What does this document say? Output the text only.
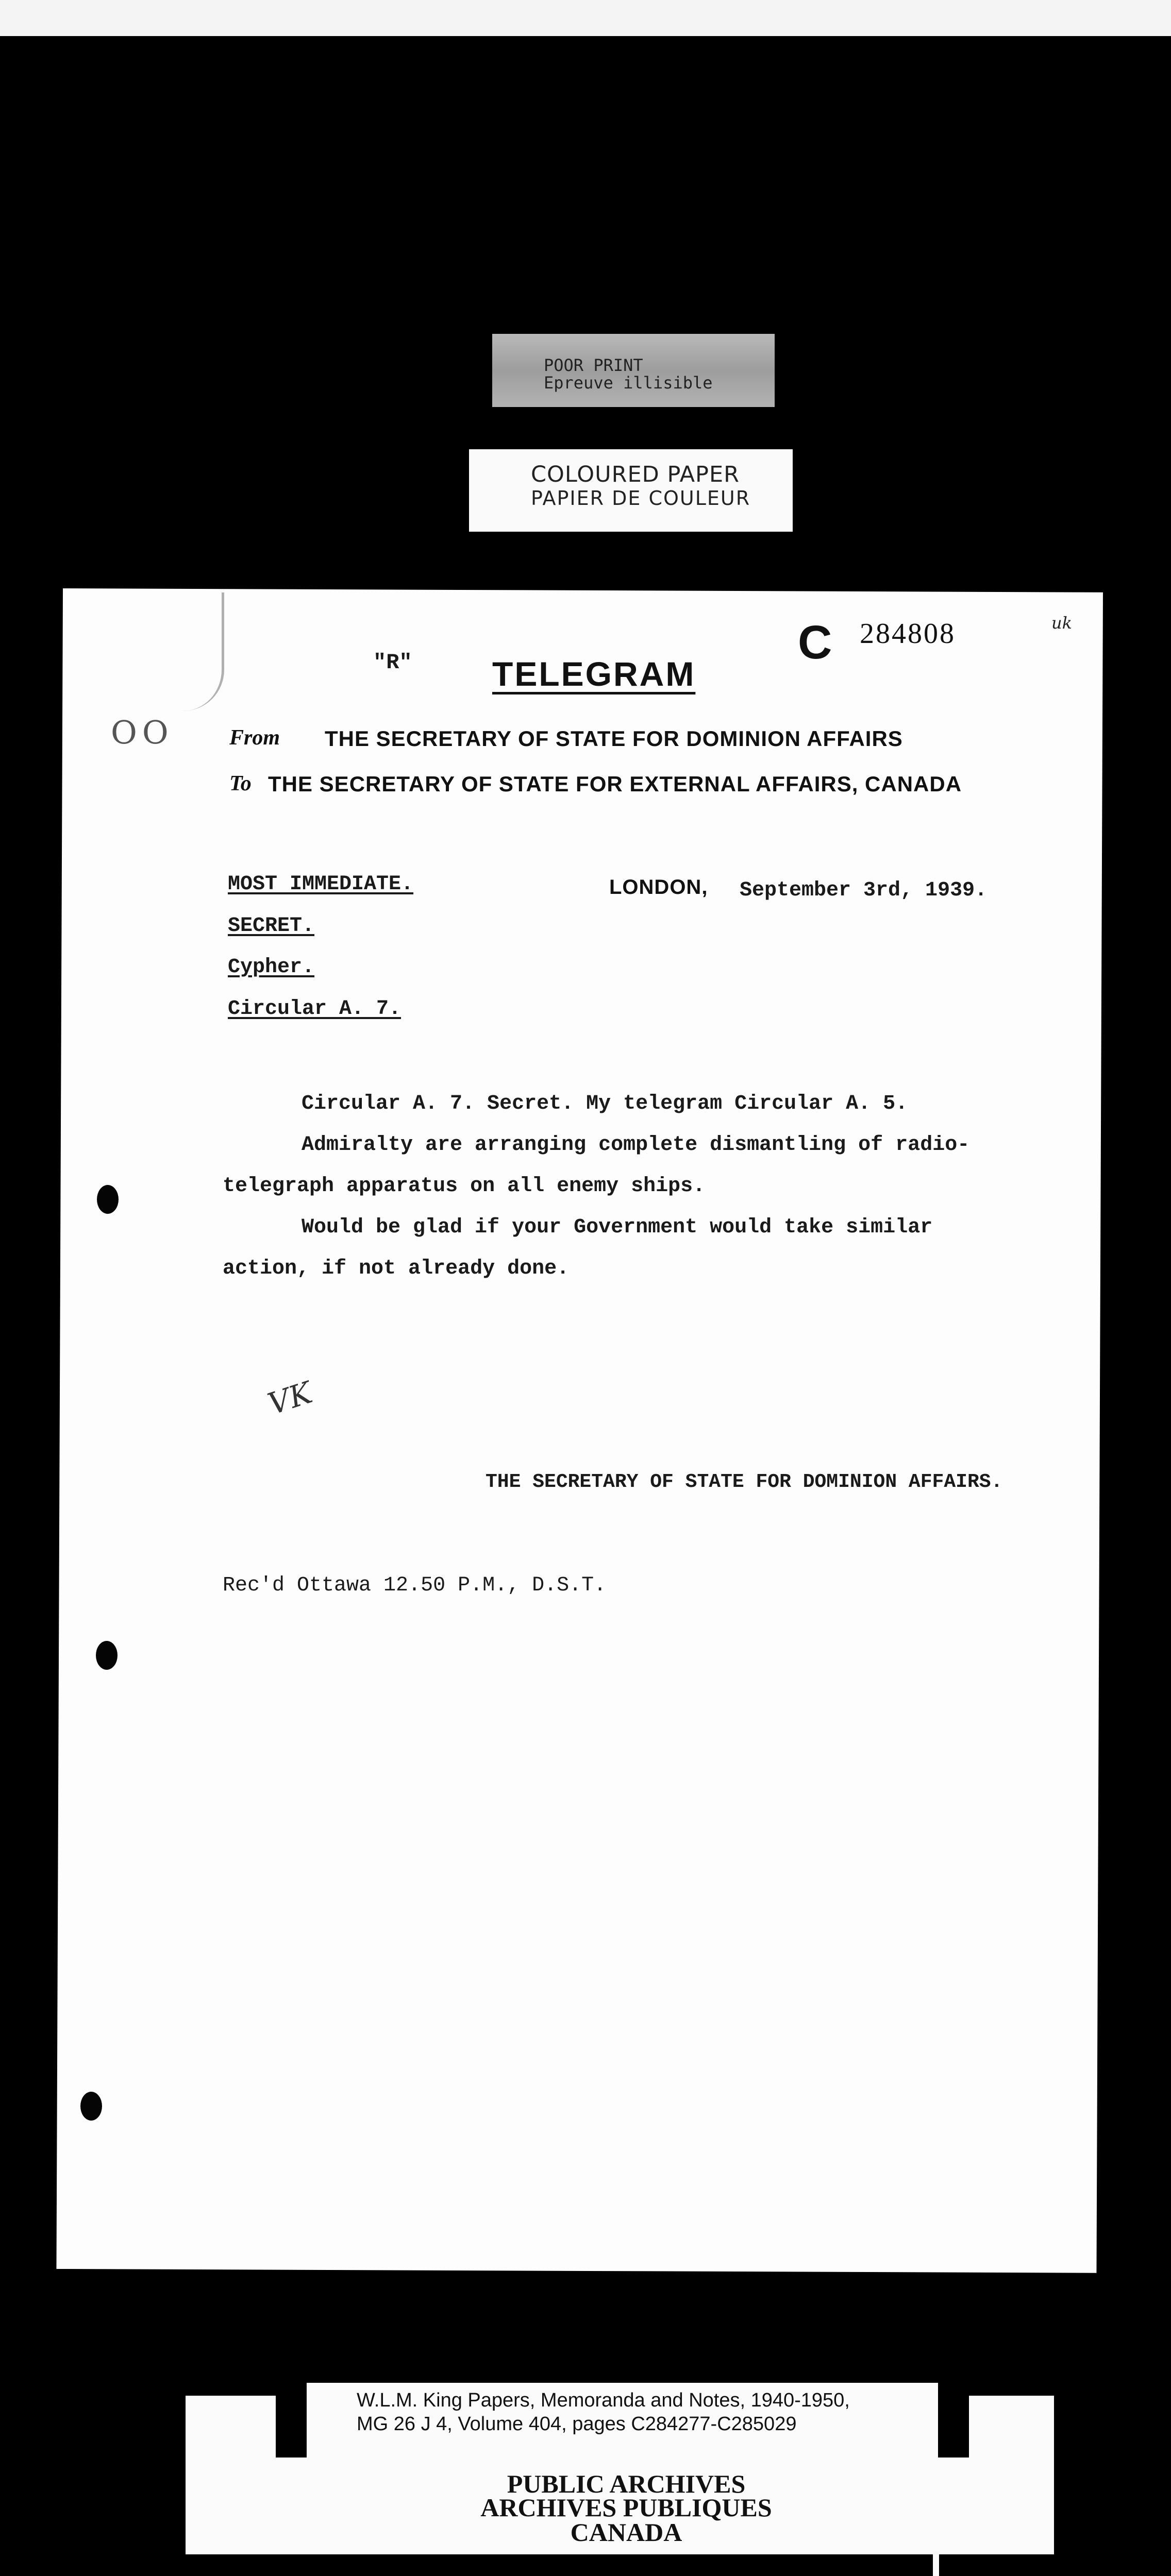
POOR PRINT
Epreuve illisible
COLOURED PAPER
PAPIER DE COULEUR
"R" TELEGRAM
C 284808	uk
OO	From THE SECRETARY OF STATE FOR DOMINION AFFAIRS
To THE SECRETARY OF STATE FOR EXTERNAL AFFAIRS, CANADA
MOST IMMEDIATE.
SECRET.
Cypher.
Circular A. 7.
LONDON, September 3rd, 1939.
Circular A. 7. Secret. My telegram Circular A. 5.
Admiralty are arranging complete dismantling of radio-
telegraph apparatus on all enemy ships.
Would be glad if your Government would take similar
action, if not already done.
VK
THE SECRETARY OF STATE FOR DOMINION AFFAIRS.
Rec'd Ottawa 12.50 P.M., D.S.T.
W.L.M. King Papers, Memoranda and Notes, 1940-1950,
MG 26 J 4, Volume 404, pages C284277-C285029
PUBLIC ARCHIVES
ARCHIVES PUBLIQUES
CANADA
